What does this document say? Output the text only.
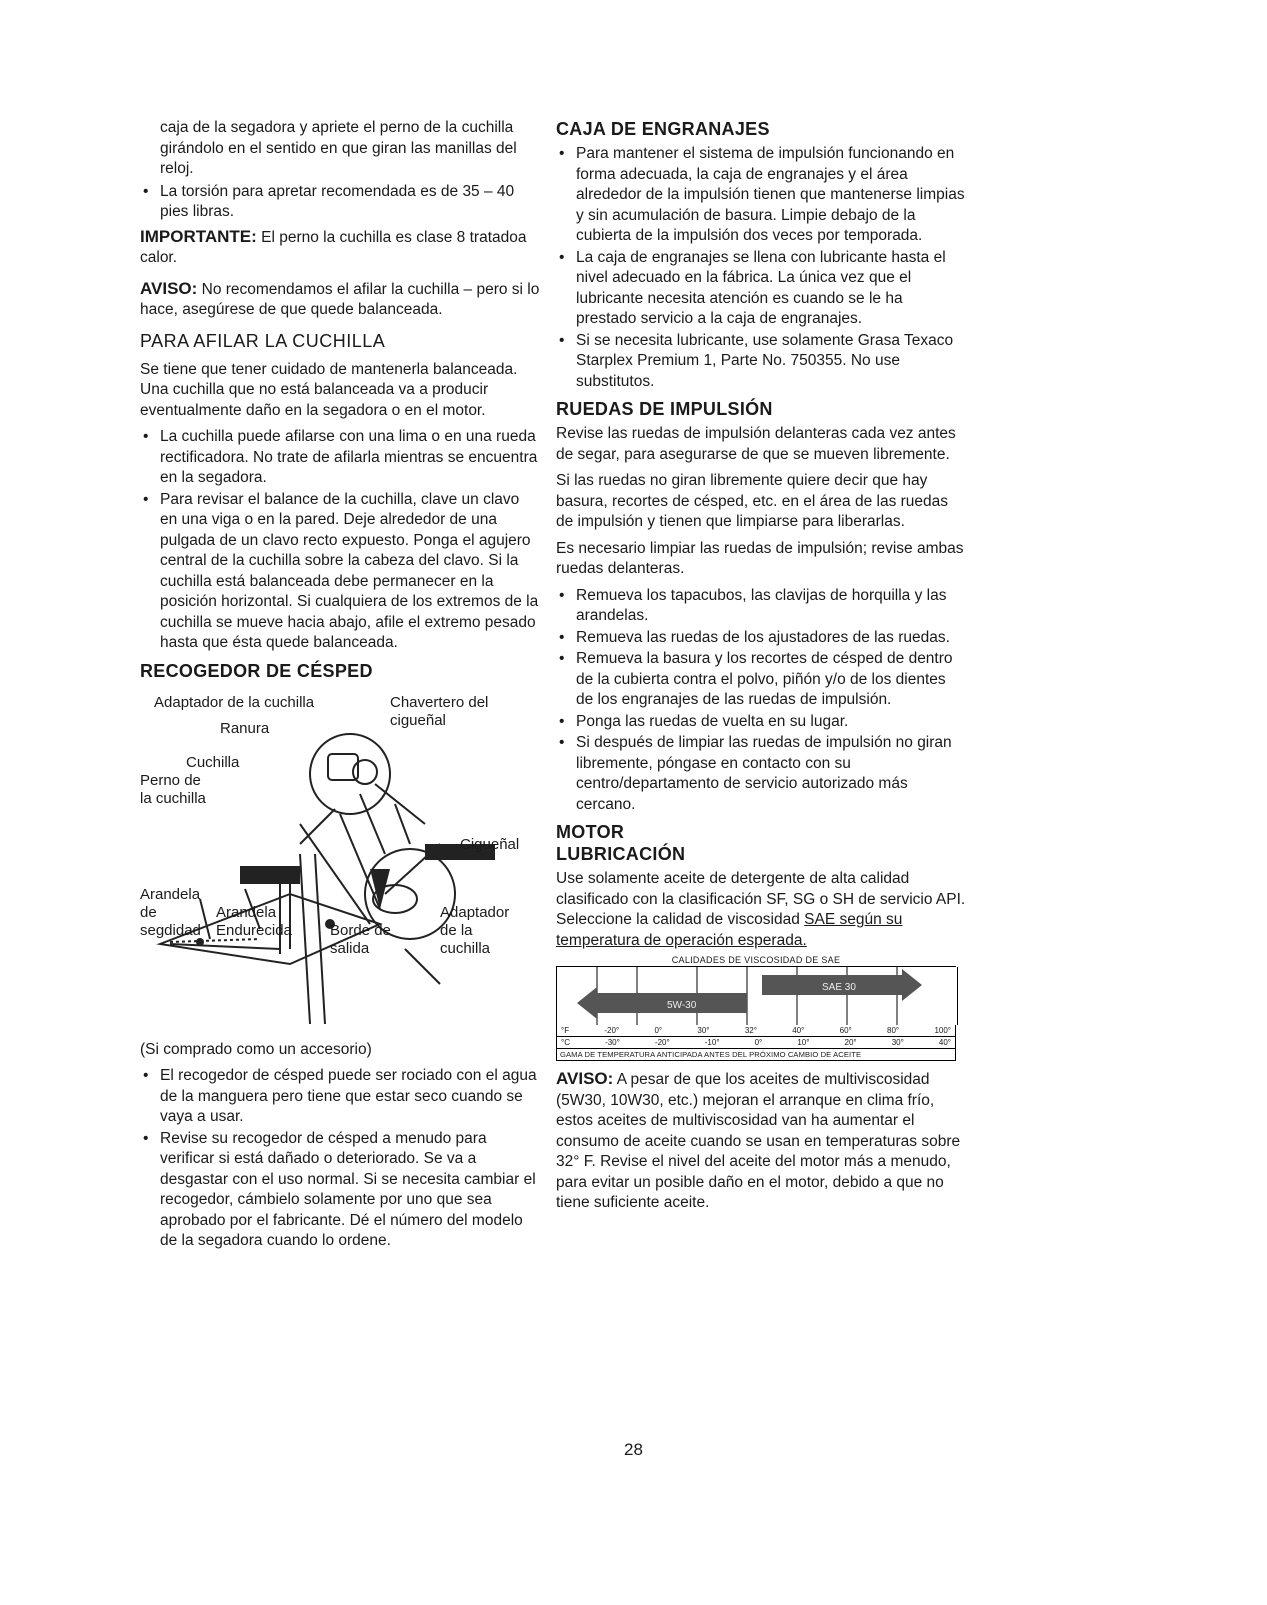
caja de la segadora y apriete el perno de la cuchilla girándolo en el sentido en que giran las manillas del reloj.

• La torsión para apretar recomendada es de 35 – 40 pies libras.

IMPORTANTE: El perno la cuchilla es clase 8 tratadoa calor.

AVISO: No recomendamos el afilar la cuchilla – pero si lo hace, asegúrese de que quede balanceada.

PARA AFILAR LA CUCHILLA

Se tiene que tener cuidado de mantenerla balanceada. Una cuchilla que no está balanceada va a producir eventualmente daño en la segadora o en el motor.

• La cuchilla puede afilarse con una lima o en una rueda rectificadora. No trate de afilarla mientras se encuentra en la segadora.
• Para revisar el balance de la cuchilla, clave un clavo en una viga o en la pared. Deje alrededor de una pulgada de un clavo recto expuesto. Ponga el agujero central de la cuchilla sobre la cabeza del clavo. Si la cuchilla está balanceada debe permanecer en la posición horizontal. Si cualquiera de los extremos de la cuchilla se mueve hacia abajo, afile el extremo pesado hasta que ésta quede balanceada.
RECOGEDOR DE CÉSPED
Adaptador de la cuchilla	Chavertero del
cigueñal
Ranura
Cuchilla
Perno de
la cuchilla
Cigueñal
Arandela
de
segdidad
Arandela
Endurecida	Borde de
salida
Adaptador
de la
cuchilla

(Si comprado como un accesorio)

• El recogedor de césped puede ser rociado con el agua de la manguera pero tiene que estar seco cuando se vaya a usar.
• Revise su recogedor de césped a menudo para verificar si está dañado o deteriorado. Se va a desgastar con el uso normal. Si se necesita cambiar el recogedor, cámbielo solamente por uno que sea aprobado por el fabricante. Dé el número del modelo de la segadora cuando lo ordene.
CAJA DE ENGRANAJES
• Para mantener el sistema de impulsión funcionando en forma adecuada, la caja de engranajes y el área alrededor de la impulsión tienen que mantenerse limpias y sin acumulación de basura. Limpie debajo de la cubierta de la impulsión dos veces por temporada.
• La caja de engranajes se llena con lubricante hasta el nivel adecuado en la fábrica. La única vez que el lubricante necesita atención es cuando se le ha prestado servicio a la caja de engranajes.
• Si se necesita lubricante, use solamente Grasa Texaco Starplex Premium 1, Parte No. 750355. No use substitutos.
RUEDAS DE IMPULSIÓN

Revise las ruedas de impulsión delanteras cada vez antes de segar, para asegurarse de que se mueven libremente.

Si las ruedas no giran libremente quiere decir que hay basura, recortes de césped, etc. en el área de las ruedas de impulsión y tienen que limpiarse para liberarlas.

Es necesario limpiar las ruedas de impulsión; revise ambas ruedas delanteras.

• Remueva los tapacubos, las clavijas de horquilla y las arandelas.
• Remueva las ruedas de los ajustadores de las ruedas.
• Remueva la basura y los recortes de césped de dentro de la cubierta contra el polvo, piñón y/o de los dientes de los engranajes de las ruedas de impulsión.
• Ponga las ruedas de vuelta en su lugar.
• Si después de limpiar las ruedas de impulsión no giran libremente, póngase en contacto con su centro/departamento de servicio autorizado más cercano.
MOTOR
LUBRICACIÓN

Use solamente aceite de detergente de alta calidad clasificado con la clasificación SF, SG o SH de servicio API. Seleccione la calidad de viscosidad SAE según su temperatura de operación esperada.

CALIDADES DE VISCOSIDAD DE SAE
5W-30
SAE 30
°F	-20°	0°	30°	32°	40°	60°	80°	100°
°C	-30°	-20°	-10°	0°	10°	20°	30°	40°
GAMA DE TEMPERATURA ANTICIPADA ANTES DEL PRÓXIMO CAMBIO DE ACEITE

AVISO: A pesar de que los aceites de multiviscosidad (5W30, 10W30, etc.) mejoran el arranque en clima frío, estos aceites de multiviscosidad van ha aumentar el consumo de aceite cuando se usan en temperaturas sobre 32° F. Revise el nivel del aceite del motor más a menudo, para evitar un posible daño en el motor, debido a que no tiene suficiente aceite.

28
